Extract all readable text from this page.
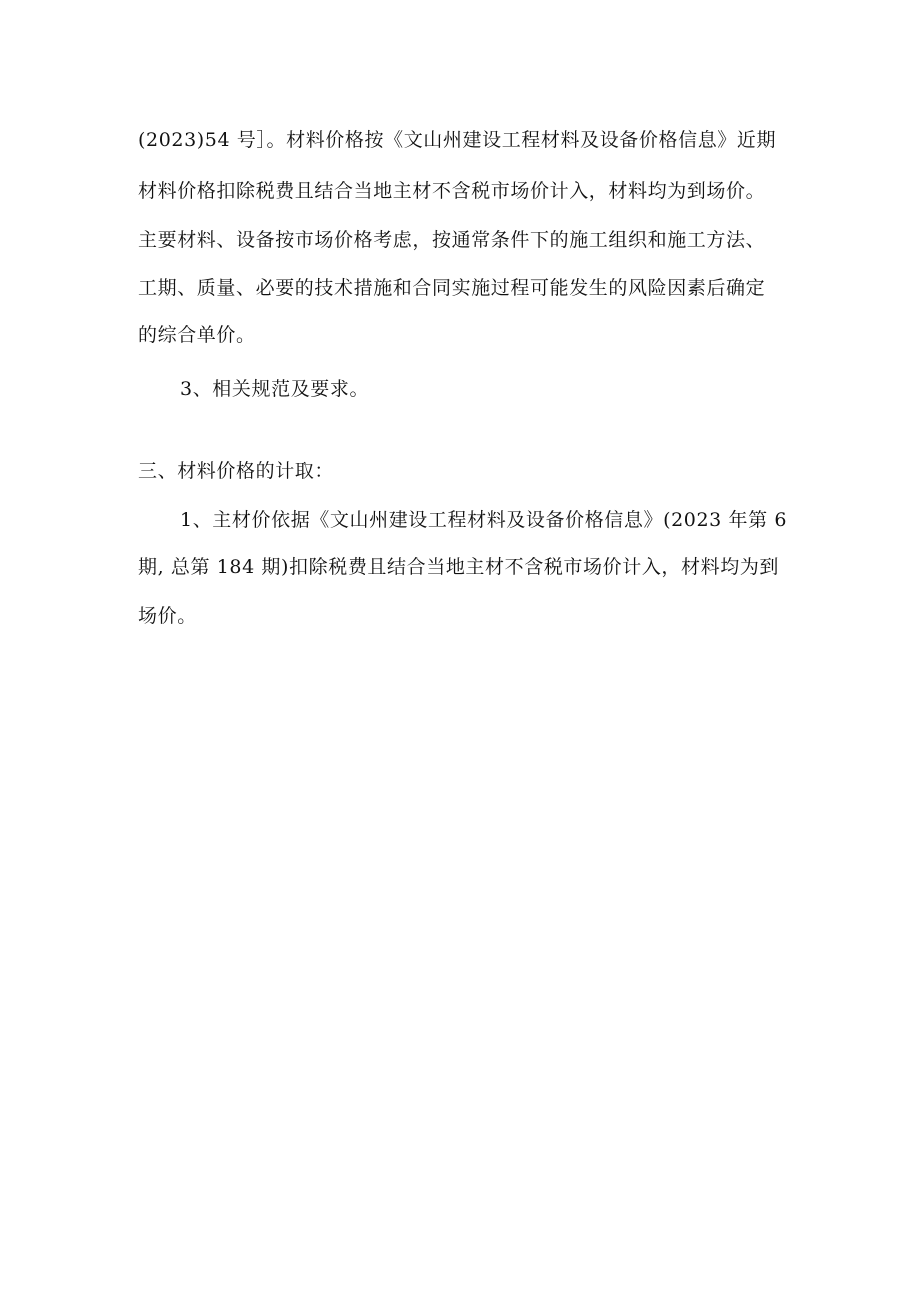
(2023)54 号］。材料价格按《文山州建设工程材料及设备价格信息》近期
材料价格扣除税费且结合当地主材不含税市场价计入，材料均为到场价。
主要材料、设备按市场价格考虑，按通常条件下的施工组织和施工方法、
工期、质量、必要的技术措施和合同实施过程可能发生的风险因素后确定
的综合单价。
3、相关规范及要求。
三、材料价格的计取：
1、主材价依据《文山州建设工程材料及设备价格信息》(2023 年第 6
期, 总第 184 期)扣除税费且结合当地主材不含税市场价计入，材料均为到
场价。
